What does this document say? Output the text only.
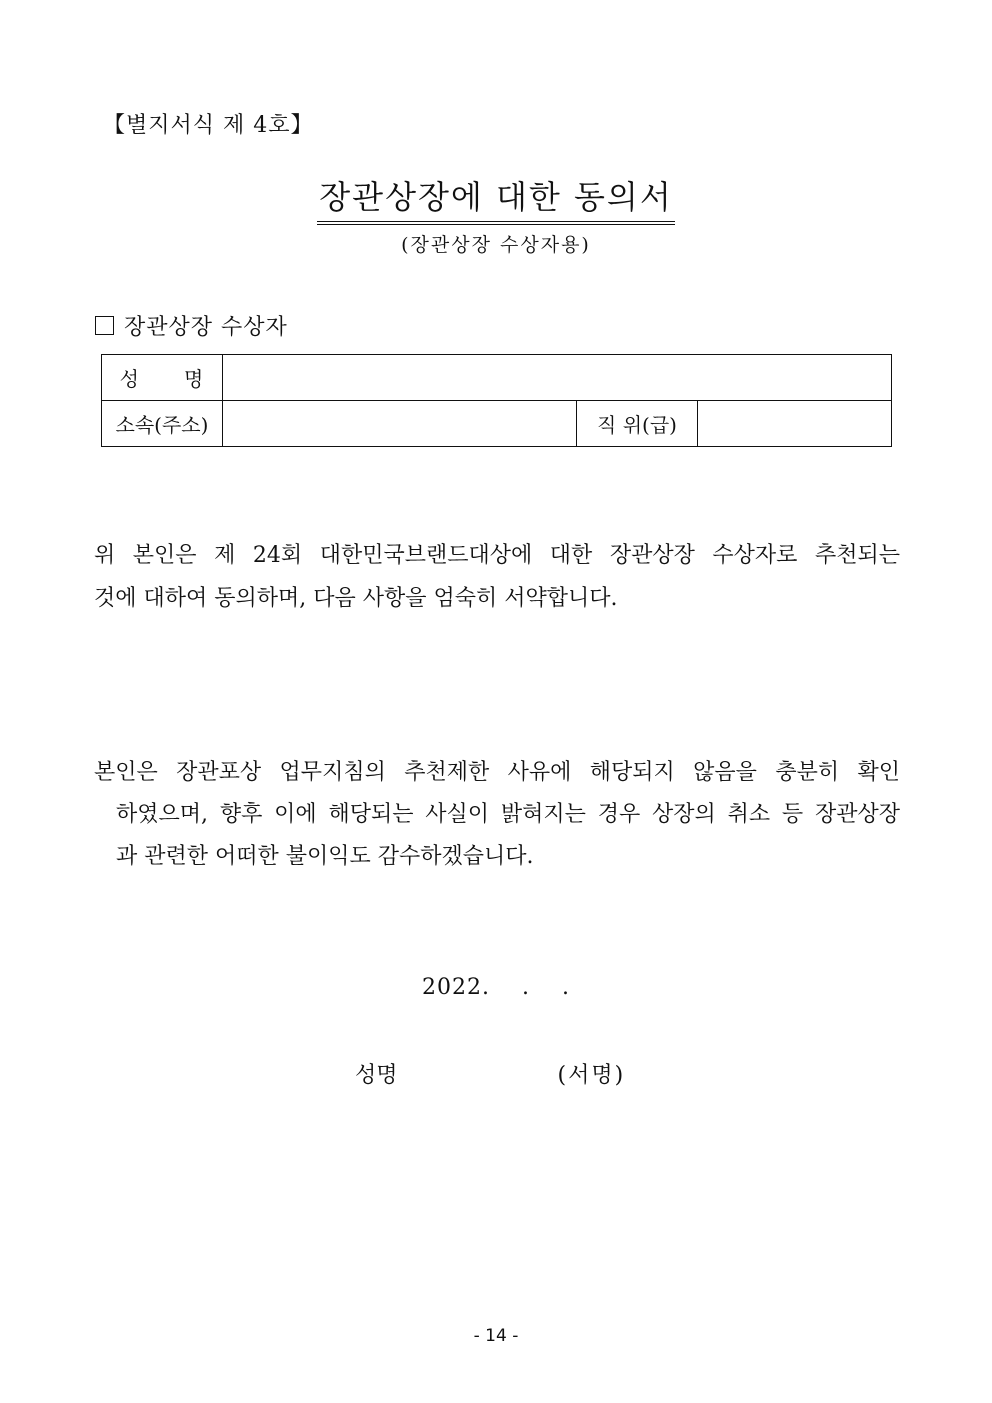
【별지서식 제 4호】
장관상장에 대한 동의서
(장관상장 수상자용)
장관상장 수상자
성      명			
소속(주소)		직 위(급)	
위 본인은 제 24회 대한민국브랜드대상에 대한 장관상장 수상자로 추천되는
것에 대하여 동의하며, 다음 사항을 엄숙히 서약합니다.
본인은 장관포상 업무지침의 추천제한 사유에 해당되지 않음을 충분히 확인
하였으며, 향후 이에 해당되는 사실이 밝혀지는 경우 상장의 취소 등 장관상장
과 관련한 어떠한 불이익도 감수하겠습니다.
2022.    .    .
성명	(서명)
- 14 -
